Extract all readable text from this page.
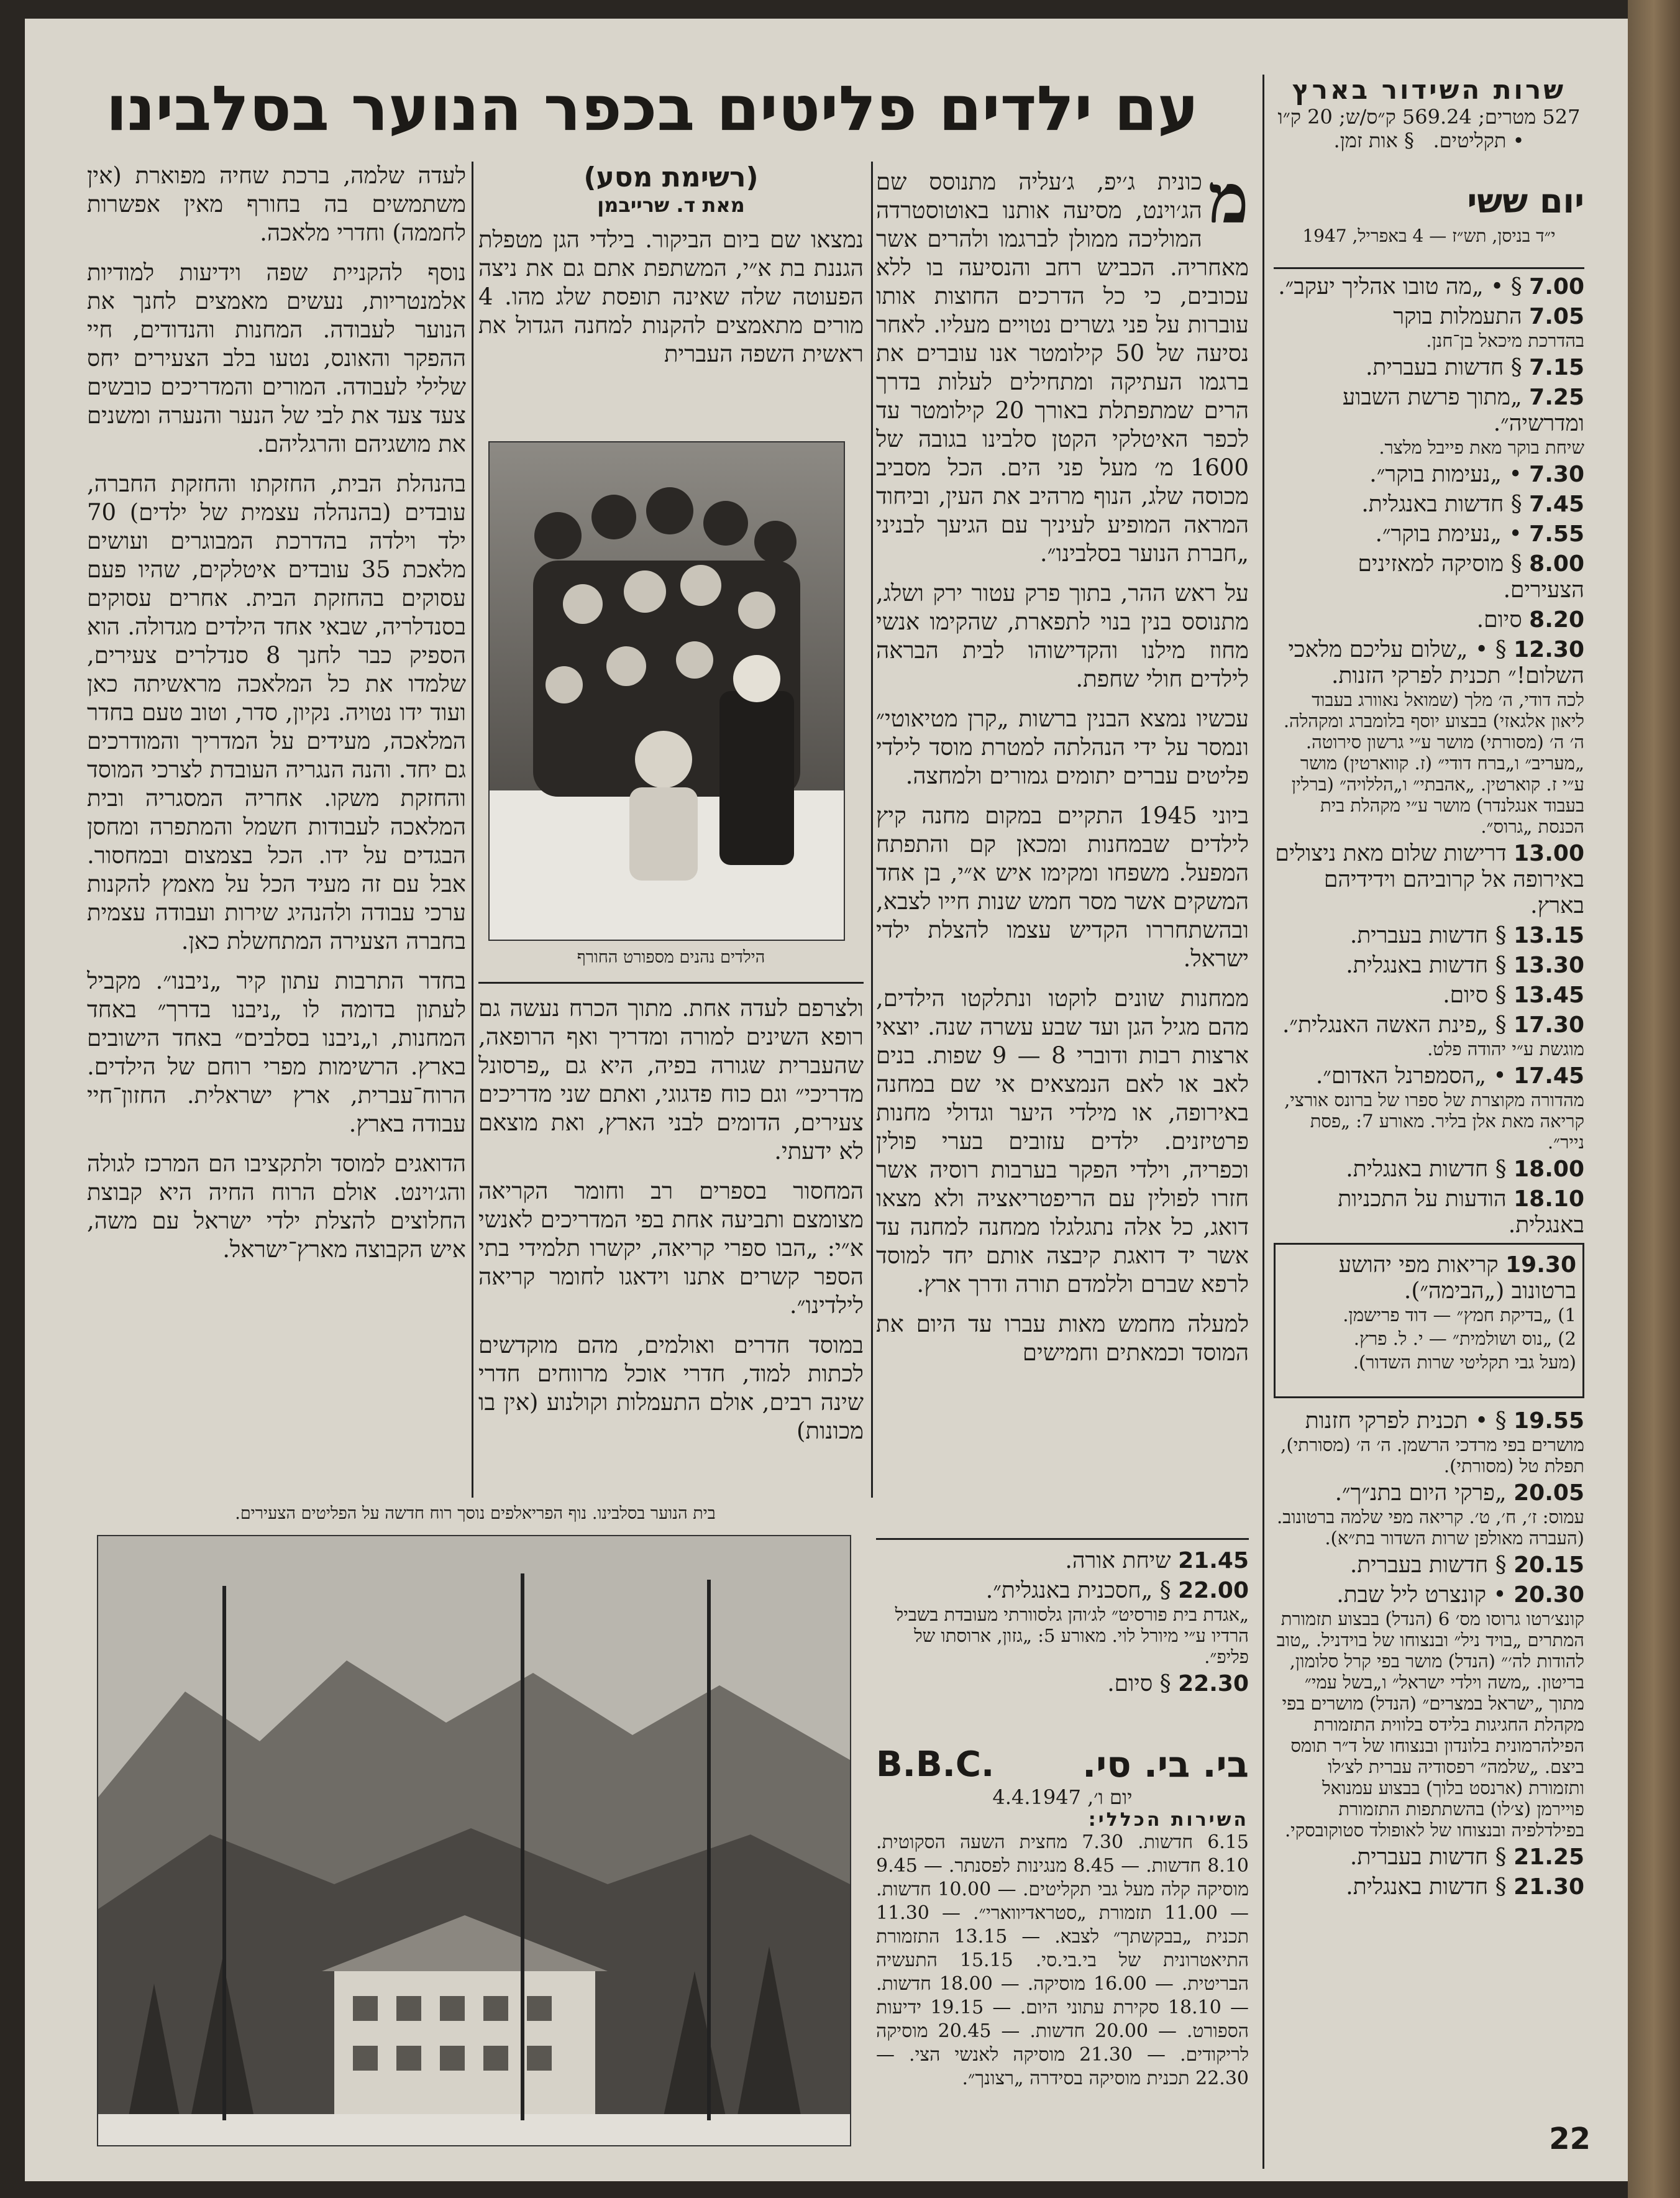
שרות השידור בארץ
527 מטרים; 569.24 ק״ס/ש; 20 ק״ו
• תקליטים.   § אות זמן.
יום ששי
י״ד בניסן, תש״ז — 4 באפריל, 1947
7.00 § • „מה טובו אהליך יעקב״.
7.05 התעמלות בוקר
בהדרכת מיכאל בן־חנן.
7.15 § חדשות בעברית.
7.25 „מתוך פרשת השבוע ומדרשיה״.
שיחת בוקר מאת פייבל מלצר.
7.30 • „נעימות בוקר״.
7.45 § חדשות באנגלית.
7.55 • „נעימת בוקר״.
8.00 § מוסיקה למאזינים הצעירים.
8.20 סיום.
12.30 § • „שלום עליכם מלאכי השלום!״ תכנית לפרקי הזנות.
לכה דודי, ה׳ מלך (שמואל נאוורג בעבוד ליאון אלגאזי) בבצוע יוסף בלומברג ומקהלה. ה׳ ה׳ (מסורתי) מושר ע״י גרשון סירוטה. „מעריב״ ו„ברח דודי״ (ז. קווארטין) מושר ע״י ז. קוארטין. „אהבתי״ ו„הללויה״ (ברלין בעבוד אנגלנדר) מושר ע״י מקהלת בית הכנסת „גרוס״.
13.00 דרישות שלום מאת ניצולים באירופה אל קרוביהם וידידיהם בארץ.
13.15 § חדשות בעברית.
13.30 § חדשות באנגלית.
13.45 § סיום.
17.30 § „פינת האשה האנגלית״.
מוגשת ע״י יהודה פלט.
17.45 • „הסמפרנל האדום״.
מהדורה מקוצרת של ספרו של ברונס אורצי, קריאה מאת אלן בליר. מאורע 7: „פסת נייר״.
18.00 § חדשות באנגלית.
18.10 הודעות על התכניות באנגלית.
19.30 קריאות מפי יהושע ברטונוב („הבימה״).
1) „בדיקת חמץ״ — דוד פרישמן.
2) „נוס ושולמית״ — י. ל. פרץ.
(מעל גבי תקליטי שרות השדור).
19.55 § • תכנית לפרקי חזנות
מושרים בפי מרדכי הרשמן. ה׳ ה׳ (מסורתי), תפלת טל (מסורתי).
20.05 „פרקי היום בתנ״ך״.
עמוס: ז׳, ח׳, ט׳. קריאה מפי שלמה ברטונוב. (העברה מאולפן שרות השדור בת״א).
20.15 § חדשות בעברית.
20.30 • קונצרט ליל שבת.
קונצ׳רטו גרוסו מס׳ 6 (הנדל) בבצוע תזמורת המתרים „בויד ניל״ ובנצוחו של בוידניל. „טוב להודות לה׳״ (הנדל) מושר בפי קרל סלומון, בריטון. „משה וילדי ישראל״ ו„בשל עמי״ מתוך „ישראל במצרים״ (הנדל) מושרים בפי מקהלת החגיגות בלידס בלווית התזמורת הפילהרמונית בלונדון ובנצוחו של ד״ר תומס ביצם. „שלמה״ רפסודיה עברית לצ׳לו ותזמורת (ארנסט בלוך) בבצוע עמנואל פויירמן (צ׳לו) בהשתתפות התזמורת בפילדלפיה ובנצוחו של לאופולד סטוקובסקי.
21.25 § חדשות בעברית.
21.30 § חדשות באנגלית.
עם ילדים פליטים בכפר הנוער בסלבינו
מ

כונית ג׳יפ, ג׳עליה מתנוסס שם הג׳וינט, מסיעה אותנו באוטוסטרדה המוליכה ממולן לברגמו ולהרים אשר מאחריה. הכביש רחב והנסיעה בו ללא עכובים, כי כל הדרכים החוצות אותו עוברות על פני גשרים נטויים מעליו. לאחר נסיעה של 50 קילומטר אנו עוברים את ברגמו העתיקה ומתחילים לעלות בדרך הרים שמתפתלת באורך 20 קילומטר עד לכפר האיטלקי הקטן סלבינו בגובה של 1600 מ׳ מעל פני הים. הכל מסביב מכוסה שלג, הנוף מרהיב את העין, וביחוד המראה המופיע לעיניך עם הגיעך לבניני „חברת הנוער בסלבינו״.

על ראש ההר, בתוך פרק עטור ירק ושלג, מתנוסס בנין בנוי לתפארת, שהקימו אנשי מחוז מילנו והקדישוהו לבית הבראה לילדים חולי שחפת.

עכשיו נמצא הבנין ברשות „קרן מטיאוטי״ ונמסר על ידי הנהלתה למטרת מוסד לילדי פליטים עברים יתומים גמורים ולמחצה.

ביוני 1945 התקיים במקום מחנה קיץ לילדים שבמחנות ומכאן קם והתפתח המפעל. משפחו ומקימו איש א״י, בן אחד המשקים אשר מסר חמש שנות חייו לצבא, ובהשתחררו הקדיש עצמו להצלת ילדי ישראל.

ממחנות שונים לוקטו ונתלקטו הילדים, מהם מגיל הגן ועד שבע עשרה שנה. יוצאי ארצות רבות ודוברי 8 — 9 שפות. בנים לאב או לאם הנמצאים אי שם במחנה באירופה, או מילדי היער וגדולי מחנות פרטיזנים. ילדים עזובים בערי פולין וכפריה, וילדי הפקר בערבות רוסיה אשר חזרו לפולין עם הריפטריאציה ולא מצאו דואג, כל אלה נתגלגלו ממחנה למחנה עד אשר יד דואגת קיבצה אותם יחד למוסד לרפא שברם וללמדם תורה ודרך ארץ.

למעלה מחמש מאות עברו עד היום את המוסד וכמאתים וחמישים

(רשימת מסע)
מאת ד. שרייבמן

נמצאו שם ביום הביקור. בילדי הגן מטפלת הגננת בת א״י, המשתפת אתם גם את ניצה הפעוטה שלה שאינה תופסת שלג מהו. 4 מורים מתאמצים להקנות למחנה הגדול את ראשית השפה העברית

הילדים נהנים מספורט החורף

ולצרפם לעדה אחת. מתוך הכרח נעשה גם רופא השינים למורה ומדריך ואף הרופאה, שהעברית שגורה בפיה, היא גם „פרסונל מדריכי״ וגם כוח פדגוגי, ואתם שני מדריכים צעירים, הדומים לבני הארץ, ואת מוצאם לא ידעתי.

המחסור בספרים רב וחומר הקריאה מצומצם ותביעה אחת בפי המדריכים לאנשי א״י: „הבו ספרי קריאה, יקשרו תלמידי בתי הספר קשרים אתנו וידאגו לחומר קריאה לילדינו״.

במוסד חדרים ואולמים, מהם מוקדשים לכתות למוד, חדרי אוכל מרווחים חדרי שינה רבים, אולם התעמלות וקולנוע (אין בו מכונות)

לעדה שלמה, ברכת שחיה מפוארת (אין משתמשים בה בחורף מאין אפשרות לחממה) וחדרי מלאכה.

נוסף להקניית שפה וידיעות למודיות אלמנטריות, נעשים מאמצים לחנך את הנוער לעבודה. המחנות והנדודים, חיי ההפקר והאונס, נטעו בלב הצעירים יחס שלילי לעבודה. המורים והמדריכים כובשים צעד צעד את לבי של הנער והנערה ומשנים את מושגיהם והרגליהם.

בהנהלת הבית, החזקתו והחזקת החברה, עובדים (בהנהלה עצמית של ילדים) 70 ילד וילדה בהדרכת המבוגרים ועושים מלאכת 35 עובדים איטלקים, שהיו פעם עסוקים בהחזקת הבית. אחרים עסוקים בסנדלריה, שבאי אחד הילדים מגדולה. הוא הספיק כבר לחנך 8 סנדלרים צעירים, שלמדו את כל המלאכה מראשיתה כאן ועוד ידו נטויה. נקיון, סדר, וטוב טעם בחדר המלאכה, מעידים על המדריך והמודרכים גם יחד. והנה הנגריה העובדת לצרכי המוסד והחזקת משקו. אחריה המסגריה ובית המלאכה לעבודות חשמל והמתפרה ומחסן הבגדים על ידו. הכל בצמצום ובמחסור. אבל עם זה מעיד הכל על מאמץ להקנות ערכי עבודה ולהנהיג שירות ועבודה עצמית בחברה הצעירה המתחשלת כאן.

בחדר התרבות עתון קיר „ניבנו״. מקביל לעתון בדומה לו „ניבנו בדרך״ באחד המחנות, ו„ניבנו בסלבים״ באחד הישובים בארץ. הרשימות מפרי רוחם של הילדים. הרוח־עברית, ארץ ישראלית. החזון־חיי עבודה בארץ.

הדואגים למוסד ולתקציבו הם המרכז לגולה והג׳וינט. אולם הרוח החיה היא קבוצת החלוצים להצלת ילדי ישראל עם משה, איש הקבוצה מארץ־ישראל.

בית הנוער בסלבינו. נוף הפריאלפים נוסך רוח חדשה על הפליטים הצעירים.
21.45 שיחת אורה.
22.00 § „חסכנית באנגלית״.
„אגדת בית פורסיט״ לג׳והן גלסוורתי מעובדת בשביל הרדיו ע״י מיורל לוי. מאורע 5: „גזון, ארוסתו של פליפ״.
22.30 § סיום.
בי. בי. סי.
B.B.C.
יום ו׳, 4.4.1947
השירות הכללי:

6.15 חדשות. 7.30 מחצית השעה הסקוטית. 8.10 חדשות. — 8.45 מנגינות לפסנתר. — 9.45 מוסיקה קלה מעל גבי תקליטים. — 10.00 חדשות. — 11.00 תזמורת „סטראדיווארי״. — 11.30 תכנית „בבקשתך״ לצבא. — 13.15 התזמורת התיאטרונית של בי.בי.סי. 15.15 התעשיה הבריטית. — 16.00 מוסיקה. — 18.00 חדשות. — 18.10 סקירת עתוני היום. — 19.15 ידיעות הספורט. — 20.00 חדשות. — 20.45 מוסיקה לריקודים. — 21.30 מוסיקה לאנשי הצי. — 22.30 תכנית מוסיקה בסידרה „רצונך״.

22
